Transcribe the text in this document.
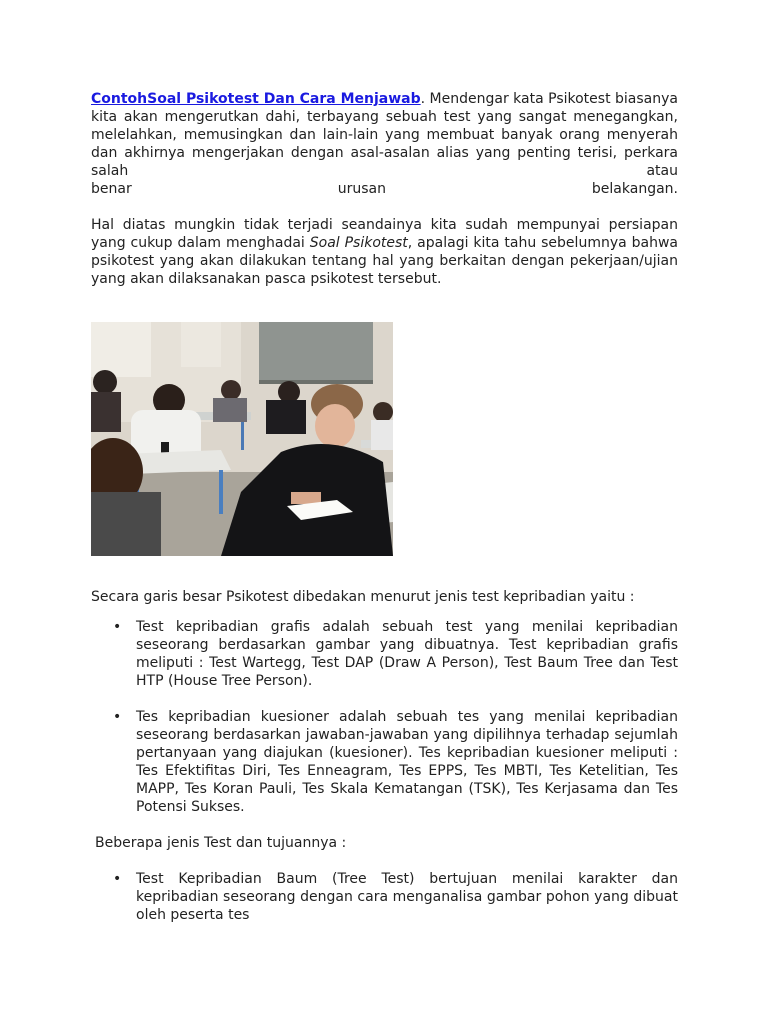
ContohSoal Psikotest Dan Cara Menjawab. Mendengar kata Psikotest biasanya kita akan mengerutkan dahi, terbayang sebuah test yang sangat menegangkan, melelahkan, memusingkan dan lain-lain yang membuat banyak orang menyerah dan akhirnya mengerjakan dengan asal-asalan alias yang penting terisi, perkara salah atau
benar urusan belakangan.

Hal diatas mungkin tidak terjadi seandainya kita sudah mempunyai persiapan yang cukup dalam menghadai Soal Psikotest, apalagi kita tahu sebelumnya bahwa psikotest yang akan dilakukan tentang hal yang berkaitan dengan pekerjaan/ujian yang akan dilaksanakan pasca psikotest tersebut.

Secara garis besar Psikotest dibedakan menurut jenis test kepribadian yaitu :

• Test kepribadian grafis adalah sebuah test yang menilai kepribadian seseorang berdasarkan gambar yang dibuatnya. Test kepribadian grafis meliputi : Test Wartegg, Test DAP (Draw A Person), Test Baum Tree dan Test HTP (House Tree Person).
• Tes kepribadian kuesioner adalah sebuah tes yang menilai kepribadian seseorang berdasarkan jawaban-jawaban yang dipilihnya terhadap sejumlah pertanyaan yang diajukan (kuesioner). Tes kepribadian kuesioner meliputi : Tes Efektifitas Diri, Tes Enneagram, Tes EPPS, Tes MBTI, Tes Ketelitian, Tes MAPP, Tes Koran Pauli, Tes Skala Kematangan (TSK), Tes Kerjasama dan Tes Potensi Sukses.

Beberapa jenis Test dan tujuannya :

• Test Kepribadian Baum (Tree Test) bertujuan menilai karakter dan kepribadian seseorang dengan cara menganalisa gambar pohon yang dibuat oleh peserta tes
